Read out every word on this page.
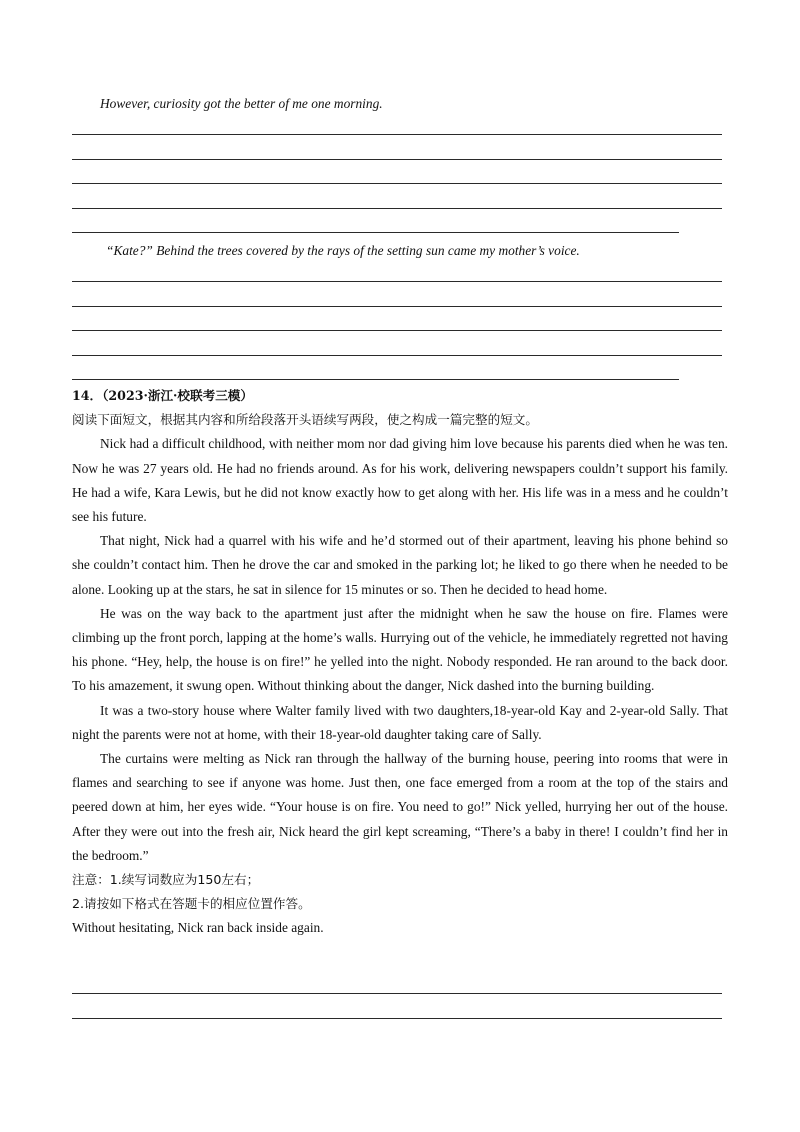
However, curiosity got the better of me one morning.
“Kate?” Behind the trees covered by the rays of the setting sun came my mother’s voice.

14．（2023·浙江·校联考三模）

阅读下面短文，根据其内容和所给段落开头语续写两段，使之构成一篇完整的短文。

Nick had a difficult childhood, with neither mom nor dad giving him love because his parents died when he was ten. Now he was 27 years old. He had no friends around. As for his work, delivering newspapers couldn’t support his family. He had a wife, Kara Lewis, but he did not know exactly how to get along with her. His life was in a mess and he couldn’t see his future.

That night, Nick had a quarrel with his wife and he’d stormed out of their apartment, leaving his phone behind so she couldn’t contact him. Then he drove the car and smoked in the parking lot; he liked to go there when he needed to be alone. Looking up at the stars, he sat in silence for 15 minutes or so. Then he decided to head home.

He was on the way back to the apartment just after the midnight when he saw the house on fire. Flames were climbing up the front porch, lapping at the home’s walls. Hurrying out of the vehicle, he immediately regretted not having his phone. “Hey, help, the house is on fire!” he yelled into the night. Nobody responded. He ran around to the back door. To his amazement, it swung open. Without thinking about the danger, Nick dashed into the burning building.

It was a two-story house where Walter family lived with two daughters,18-year-old Kay and 2-year-old Sally. That night the parents were not at home, with their 18-year-old daughter taking care of Sally.

The curtains were melting as Nick ran through the hallway of the burning house, peering into rooms that were in flames and searching to see if anyone was home. Just then, one face emerged from a room at the top of the stairs and peered down at him, her eyes wide. “Your house is on fire. You need to go!” Nick yelled, hurrying her out of the house. After they were out into the fresh air, Nick heard the girl kept screaming, “There’s a baby in there! I couldn’t find her in the bedroom.”

注意：1.续写词数应为150左右；

2.请按如下格式在答题卡的相应位置作答。

Without hesitating, Nick ran back inside again.
